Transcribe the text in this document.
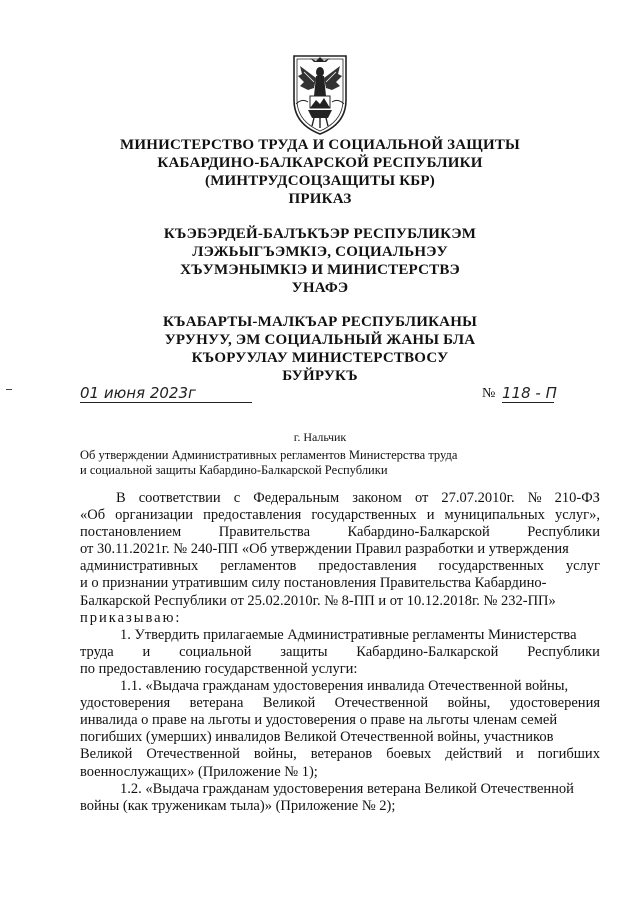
МИНИСТЕРСТВО ТРУДА И СОЦИАЛЬНОЙ ЗАЩИТЫ
КАБАРДИНО-БАЛКАРСКОЙ РЕСПУБЛИКИ
(МИНТРУДСОЦЗАЩИТЫ КБР)
ПРИКАЗ
КЪЭБЭРДЕЙ-БАЛЪКЪЭР РЕСПУБЛИКЭМ
ЛЭЖЬЫГЪЭМКIЭ, СОЦИАЛЬНЭУ
ХЪУМЭНЫМКIЭ И МИНИСТЕРСТВЭ
УНАФЭ
КЪАБАРТЫ-МАЛКЪАР РЕСПУБЛИКАНЫ
УРУНУУ, ЭМ СОЦИАЛЬНЫЙ ЖАНЫ БЛА
КЪОРУУЛАУ МИНИСТЕРСТВОСУ
БУЙРУКЪ
01 июня 2023г	№ 118 - П
г. Нальчик
Об утверждении Административных регламентов Министерства труда
и социальной защиты Кабардино-Балкарской Республики
В соответствии с Федеральным законом от 27.07.2010г. № 210-ФЗ
«Об организации предоставления государственных и муниципальных услуг»,
постановлением	Правительства	Кабардино-Балкарской	Республики
от 30.11.2021г. № 240-ПП «Об утверждении Правил разработки и утверждения
административных регламентов предоставления государственных услуг
и о признании утратившим силу постановления Правительства Кабардино-
Балкарской Республики от 25.02.2010г. № 8-ПП и от 10.12.2018г. № 232-ПП»
приказываю:
1. Утвердить прилагаемые Административные регламенты Министерства
труда и социальной защиты Кабардино-Балкарской Республики
по предоставлению государственной услуги:
1.1. «Выдача гражданам удостоверения инвалида Отечественной войны,
удостоверения ветерана Великой Отечественной войны, удостоверения
инвалида о праве на льготы и удостоверения о праве на льготы членам семей
погибших (умерших) инвалидов Великой Отечественной войны, участников
Великой Отечественной войны, ветеранов боевых действий и погибших
военнослужащих» (Приложение № 1);
1.2. «Выдача гражданам удостоверения ветерана Великой Отечественной
войны (как труженикам тыла)» (Приложение № 2);
